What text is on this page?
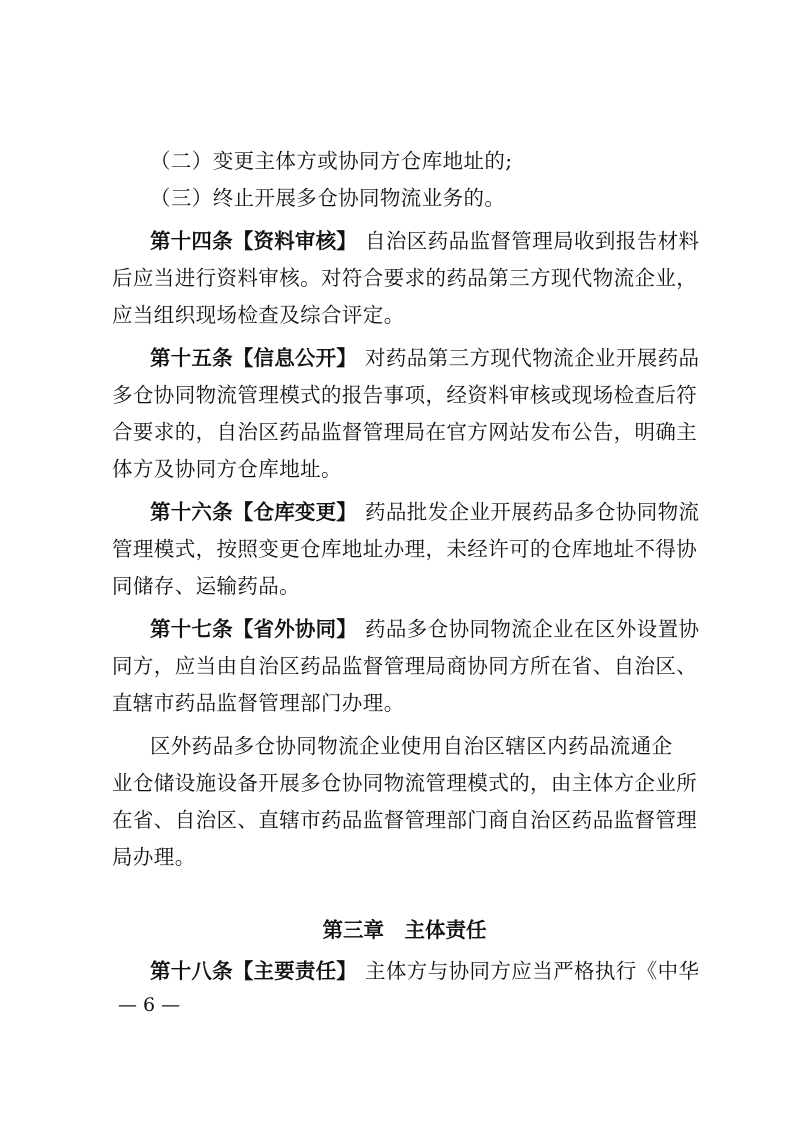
（二）变更主体方或协同方仓库地址的;
（三）终止开展多仓协同物流业务的。
第十四条【资料审核】 自治区药品监督管理局收到报告材料
后应当进行资料审核。对符合要求的药品第三方现代物流企业，
应当组织现场检查及综合评定。
第十五条【信息公开】 对药品第三方现代物流企业开展药品
多仓协同物流管理模式的报告事项，经资料审核或现场检查后符
合要求的，自治区药品监督管理局在官方网站发布公告，明确主
体方及协同方仓库地址。
第十六条【仓库变更】 药品批发企业开展药品多仓协同物流
管理模式，按照变更仓库地址办理，未经许可的仓库地址不得协
同储存、运输药品。
第十七条【省外协同】 药品多仓协同物流企业在区外设置协
同方，应当由自治区药品监督管理局商协同方所在省、自治区、
直辖市药品监督管理部门办理。
区外药品多仓协同物流企业使用自治区辖区内药品流通企
业仓储设施设备开展多仓协同物流管理模式的，由主体方企业所
在省、自治区、直辖市药品监督管理部门商自治区药品监督管理
局办理。
第三章　主体责任
第十八条【主要责任】 主体方与协同方应当严格执行《中华
— 6 —
